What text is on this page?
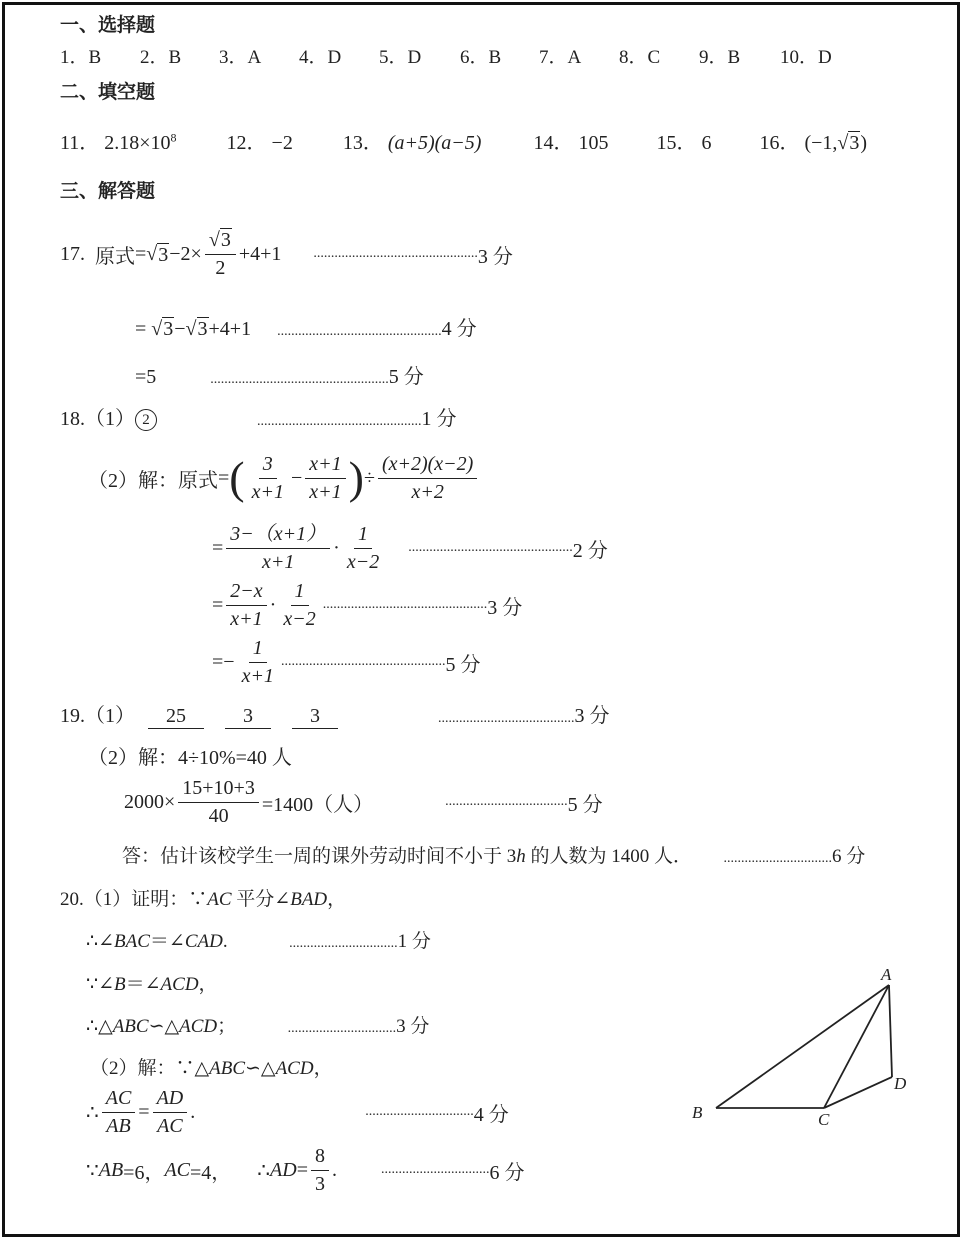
一、选择题
1．B 2．B 3．A 4．D 5．D 6．B 7．A 8．C 9．B 10．D
二、填空题
11． $2.18\times 10^8$	12． −2	13． (a+5)(a−5)	14． 105 15． 6 16． (−1,√3)
三、解答题
17.
原式 = √ $3 -2\times \frac{√3}{2} +4+1$ ............................................... 3 分
= √3−√3+4+1 ...............................................4 分
=5	...................................................5 分
18.（1） 2	...............................................1 分
（2）解：原式 = ( $\frac{3}{x+1} - \frac{x+1}{x+1}$ ) ÷ $\frac{(x+2)(x-2)}{x+2}$
= $\frac{3-(x+1)}{x+1} \cdot \frac{1}{x-2}$ ............................................... 2 分
= $\frac{2-x}{x+1} \cdot \frac{1}{x-2}$ ............................................... 3 分
=− $\frac{1}{x+1}$ ............................................... 5 分
19.（1） 25	3	3	.......................................3 分
（2）解：4÷10%=40 人
$2000\times \frac{15+10+3}{40} =1400$（人）	................................... 5 分
答：估计该校学生一周的课外劳动时间不小于 3h 的人数为 1400 人． ...............................6 分
20.（1）证明：∵AC 平分∠BAD，
∴∠BAC＝∠CAD.	...............................1 分
∵∠B＝∠ACD，
∴△ABC∽△ACD；	...............................3 分
（2）解：∵△ABC∽△ACD，
∴ $\frac{AC}{AB} = \frac{AD}{AC}$ .	............................... 4 分
∵ AB =6， AC =4， ∴ AD = $\frac{8}{3}$ .	............................... 6 分
A
B	C
D
